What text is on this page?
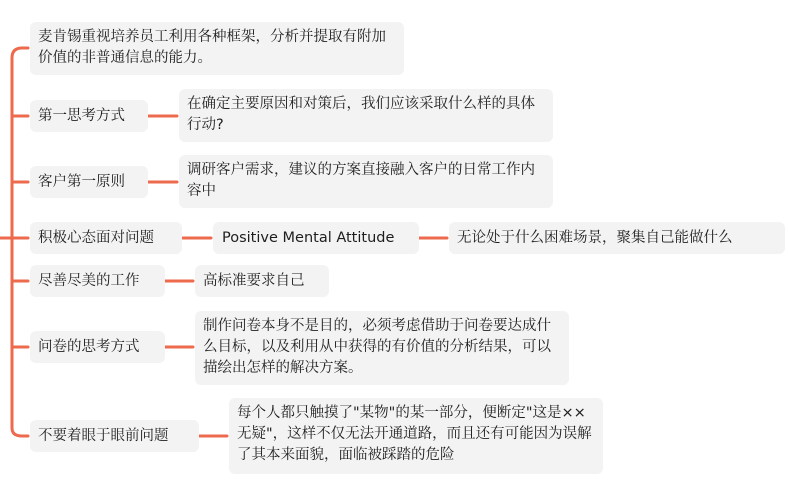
麦肯锡重视培养员工利用各种框架，分析并提取有附加价值的非普通信息的能力。
第一思考方式
在确定主要原因和对策后，我们应该采取什么样的具体行动?
客户第一原则
调研客户需求，建议的方案直接融入客户的日常工作内容中
积极心态面对问题	Positive Mental Attitude	无论处于什么困难场景，聚集自己能做什么
尽善尽美的工作	高标准要求自己
问卷的思考方式
制作问卷本身不是目的，必须考虑借助于问卷要达成什么目标，以及利用从中获得的有价值的分析结果，可以描绘出怎样的解决方案。
不要着眼于眼前问题
每个人都只触摸了"某物"的某一部分，便断定"这是××无疑"，这样不仅无法开通道路，而且还有可能因为误解了其本来面貌，面临被踩踏的危险
